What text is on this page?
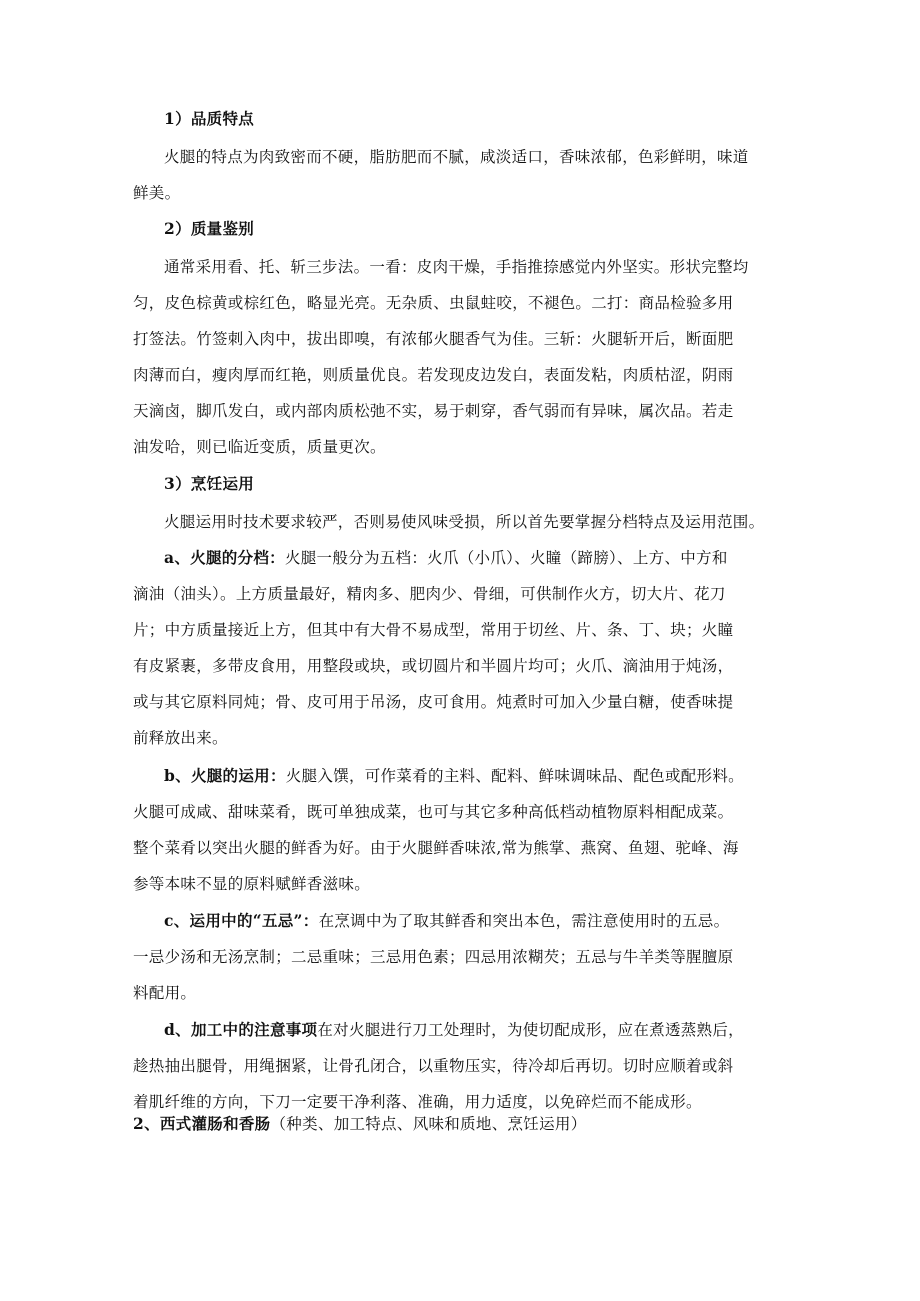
1）品质特点

火腿的特点为肉致密而不硬，脂肪肥而不腻，咸淡适口，香味浓郁，色彩鲜明，味道

鲜美。

2）质量鉴别

通常采用看、托、斩三步法。一看：皮肉干燥，手指推捺感觉内外坚实。形状完整均

匀，皮色棕黄或棕红色，略显光亮。无杂质、虫鼠蛀咬，不褪色。二打：商品检验多用

打签法。竹签刺入肉中，拔出即嗅，有浓郁火腿香气为佳。三斩：火腿斩开后，断面肥

肉薄而白，瘦肉厚而红艳，则质量优良。若发现皮边发白，表面发粘，肉质枯涩，阴雨

天滴卤，脚爪发白，或内部肉质松弛不实，易于刺穿，香气弱而有异味，属次品。若走

油发哈，则已临近变质，质量更次。

3）烹饪运用

火腿运用时技术要求较严，否则易使风味受损，所以首先要掌握分档特点及运用范围。

a、火腿的分档：火腿一般分为五档：火爪（小爪）、火瞳（蹄膀）、上方、中方和

滴油（油头）。上方质量最好，精肉多、肥肉少、骨细，可供制作火方，切大片、花刀

片；中方质量接近上方，但其中有大骨不易成型，常用于切丝、片、条、丁、块；火瞳

有皮紧裹，多带皮食用，用整段或块，或切圆片和半圆片均可；火爪、滴油用于炖汤，

或与其它原料同炖；骨、皮可用于吊汤，皮可食用。炖煮时可加入少量白糖，使香味提

前释放出来。

b、火腿的运用：火腿入馔，可作菜肴的主料、配料、鲜味调味品、配色或配形料。

火腿可成咸、甜味菜肴，既可单独成菜，也可与其它多种高低档动植物原料相配成菜。

整个菜肴以突出火腿的鲜香为好。由于火腿鲜香味浓,常为熊掌、燕窝、鱼翅、驼峰、海

参等本味不显的原料赋鲜香滋味。

c、运用中的“五忌”：在烹调中为了取其鲜香和突出本色，需注意使用时的五忌。

一忌少汤和无汤烹制；二忌重味；三忌用色素；四忌用浓糊芡；五忌与牛羊类等腥膻原

料配用。

d、加工中的注意事项在对火腿进行刀工处理时，为使切配成形，应在煮透蒸熟后，

趁热抽出腿骨，用绳捆紧，让骨孔闭合，以重物压实，待冷却后再切。切时应顺着或斜

着肌纤维的方向，下刀一定要干净利落、准确，用力适度，以免碎烂而不能成形。

2、西式灌肠和香肠（种类、加工特点、风味和质地、烹饪运用）
